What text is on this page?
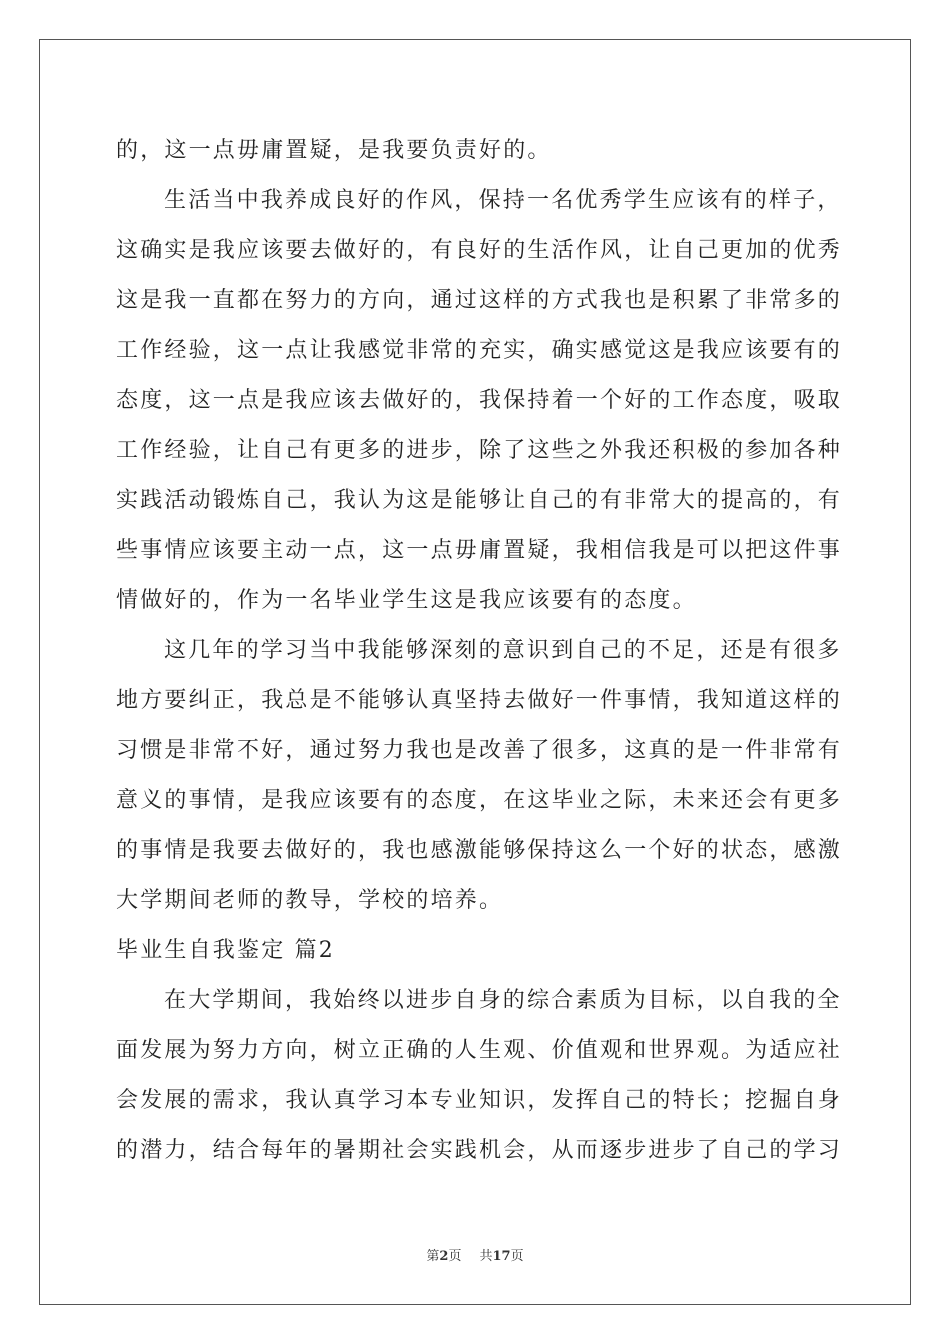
的，这一点毋庸置疑，是我要负责好的。
生活当中我养成良好的作风，保持一名优秀学生应该有的样子，
这确实是我应该要去做好的，有良好的生活作风，让自己更加的优秀
这是我一直都在努力的方向，通过这样的方式我也是积累了非常多的
工作经验，这一点让我感觉非常的充实，确实感觉这是我应该要有的
态度，这一点是我应该去做好的，我保持着一个好的工作态度，吸取
工作经验，让自己有更多的进步，除了这些之外我还积极的参加各种
实践活动锻炼自己，我认为这是能够让自己的有非常大的提高的，有
些事情应该要主动一点，这一点毋庸置疑，我相信我是可以把这件事
情做好的，作为一名毕业学生这是我应该要有的态度。
这几年的学习当中我能够深刻的意识到自己的不足，还是有很多
地方要纠正，我总是不能够认真坚持去做好一件事情，我知道这样的
习惯是非常不好，通过努力我也是改善了很多，这真的是一件非常有
意义的事情，是我应该要有的态度，在这毕业之际，未来还会有更多
的事情是我要去做好的，我也感激能够保持这么一个好的状态，感激
大学期间老师的教导，学校的培养。
毕业生自我鉴定 篇2
在大学期间，我始终以进步自身的综合素质为目标，以自我的全
面发展为努力方向，树立正确的人生观、价值观和世界观。为适应社
会发展的需求，我认真学习本专业知识，发挥自己的特长；挖掘自身
的潜力，结合每年的暑期社会实践机会，从而逐步进步了自己的学习
第2页 共17页
